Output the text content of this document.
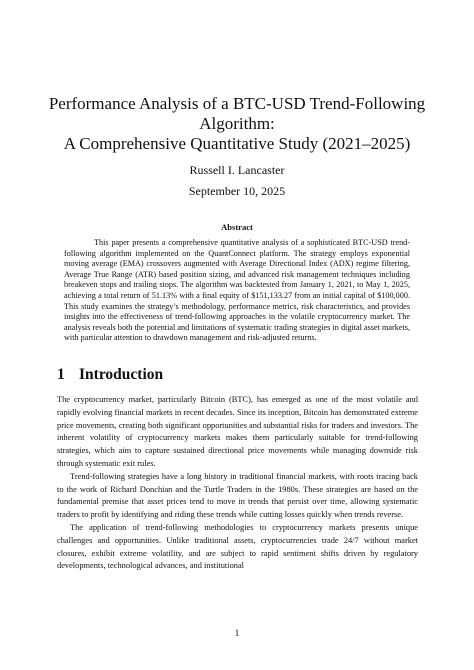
Performance Analysis of a BTC-USD Trend-Following
Algorithm:
A Comprehensive Quantitative Study (2021–2025)
Russell I. Lancaster
September 10, 2025
Abstract

This paper presents a comprehensive quantitative analysis of a sophisticated BTC-USD trend-following algorithm implemented on the QuantConnect platform. The strategy employs exponential moving average (EMA) crossovers augmented with Average Directional Index (ADX) regime filtering, Average True Range (ATR) based position sizing, and advanced risk management techniques including breakeven stops and trailing stops. The algorithm was backtested from January 1, 2021, to May 1, 2025, achieving a total return of 51.13% with a final equity of $151,133.27 from an initial capital of $100,000. This study examines the strategy’s methodology, performance metrics, risk characteristics, and provides insights into the effectiveness of trend-following approaches in the volatile cryptocurrency market. The analysis reveals both the potential and limitations of systematic trading strategies in digital asset markets, with particular attention to drawdown management and risk-adjusted returns.

1 Introduction

The cryptocurrency market, particularly Bitcoin (BTC), has emerged as one of the most volatile and rapidly evolving financial markets in recent decades. Since its inception, Bitcoin has demonstrated extreme price movements, creating both significant opportunities and substantial risks for traders and investors. The inherent volatility of cryptocurrency markets makes them particularly suitable for trend-following strategies, which aim to capture sustained directional price movements while managing downside risk through systematic exit rules.

Trend-following strategies have a long history in traditional financial markets, with roots tracing back to the work of Richard Donchian and the Turtle Traders in the 1980s. These strategies are based on the fundamental premise that asset prices tend to move in trends that persist over time, allowing systematic traders to profit by identifying and riding these trends while cutting losses quickly when trends reverse.

The application of trend-following methodologies to cryptocurrency markets presents unique challenges and opportunities. Unlike traditional assets, cryptocurrencies trade 24/7 without market closures, exhibit extreme volatility, and are subject to rapid sentiment shifts driven by regulatory developments, technological advances, and institutional

1
